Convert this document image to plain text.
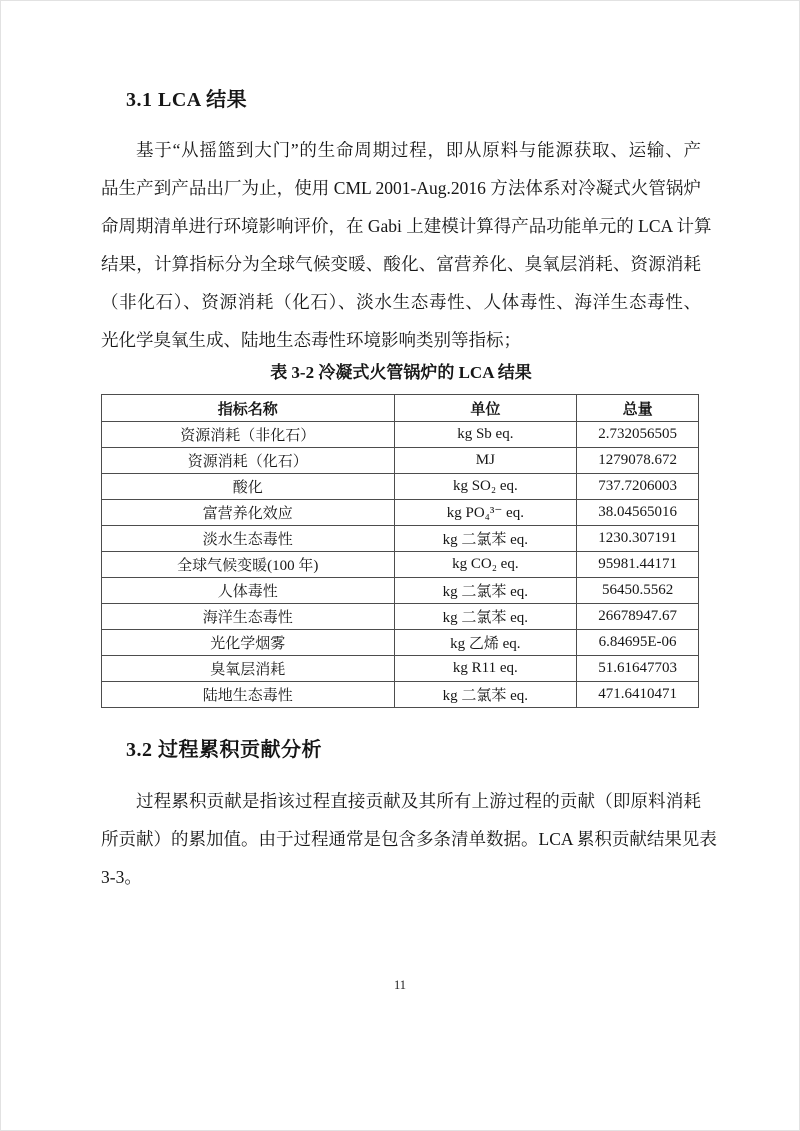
3.1 LCA 结果
基于“从摇篮到大门”的生命周期过程，即从原料与能源获取、运输、产
品生产到产品出厂为止，使用 CML 2001-Aug.2016 方法体系对冷凝式火管锅炉
命周期清单进行环境影响评价，在 Gabi 上建模计算得产品功能单元的 LCA 计算
结果，计算指标分为全球气候变暖、酸化、富营养化、臭氧层消耗、资源消耗
（非化石）、资源消耗（化石）、淡水生态毒性、人体毒性、海洋生态毒性、
光化学臭氧生成、陆地生态毒性环境影响类别等指标；
表 3-2 冷凝式火管锅炉的 LCA 结果
指标名称	单位	总量
资源消耗（非化石）	kg Sb eq.	2.732056505
资源消耗（化石）	MJ	1279078.672
酸化	kg SO₂ eq.	737.7206003
富营养化效应	kg PO₄³⁻ eq.	38.04565016
淡水生态毒性	kg 二氯苯 eq.	1230.307191
全球气候变暖(100 年)	kg CO₂ eq.	95981.44171
人体毒性	kg 二氯苯 eq.	56450.5562
海洋生态毒性	kg 二氯苯 eq.	26678947.67
光化学烟雾	kg 乙烯 eq.	6.84695E-06
臭氧层消耗	kg R11 eq.	51.61647703
陆地生态毒性	kg 二氯苯 eq.	471.6410471
3.2 过程累积贡献分析
过程累积贡献是指该过程直接贡献及其所有上游过程的贡献（即原料消耗
所贡献）的累加值。由于过程通常是包含多条清单数据。LCA 累积贡献结果见表
3-3。
11
